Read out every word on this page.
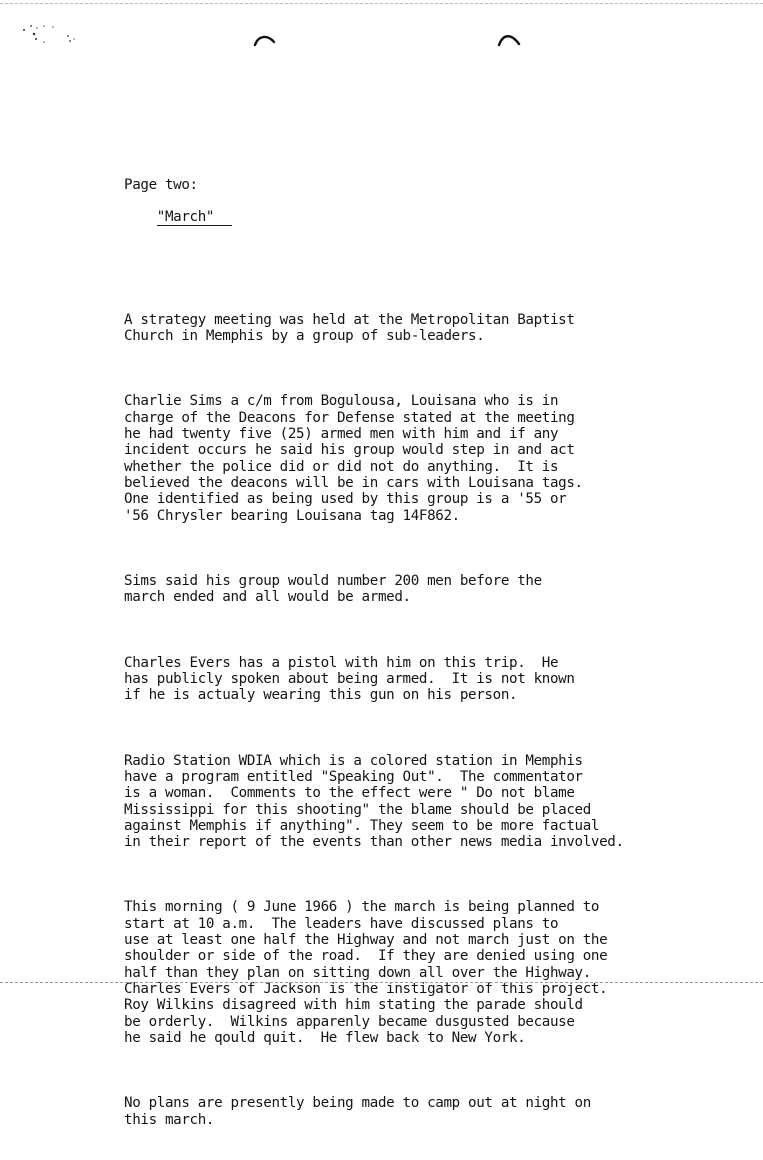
Page two:

"March"

A strategy meeting was held at the Metropolitan Baptist
Church in Memphis by a group of sub-leaders.

Charlie Sims a c/m from Bogulousa, Louisana who is in
charge of the Deacons for Defense stated at the meeting
he had twenty five (25) armed men with him and if any
incident occurs he said his group would step in and act
whether the police did or did not do anything.  It is
believed the deacons will be in cars with Louisana tags.
One identified as being used by this group is a '55 or
'56 Chrysler bearing Louisana tag 14F862.

Sims said his group would number 200 men before the
march ended and all would be armed.

Charles Evers has a pistol with him on this trip.  He
has publicly spoken about being armed.  It is not known
if he is actualy wearing this gun on his person.

Radio Station WDIA which is a colored station in Memphis
have a program entitled "Speaking Out".  The commentator
is a woman.  Comments to the effect were " Do not blame
Mississippi for this shooting" the blame should be placed
against Memphis if anything". They seem to be more factual
in their report of the events than other news media involved.

This morning ( 9 June 1966 ) the march is being planned to
start at 10 a.m.  The leaders have discussed plans to
use at least one half the Highway and not march just on the
shoulder or side of the road.  If they are denied using one
half than they plan on sitting down all over the Highway.
Charles Evers of Jackson is the instigator of this project.
Roy Wilkins disagreed with him stating the parade should
be orderly.  Wilkins apparenly became dusgusted because
he said he qould quit.  He flew back to New York.

No plans are presently being made to camp out at night on
this march.
